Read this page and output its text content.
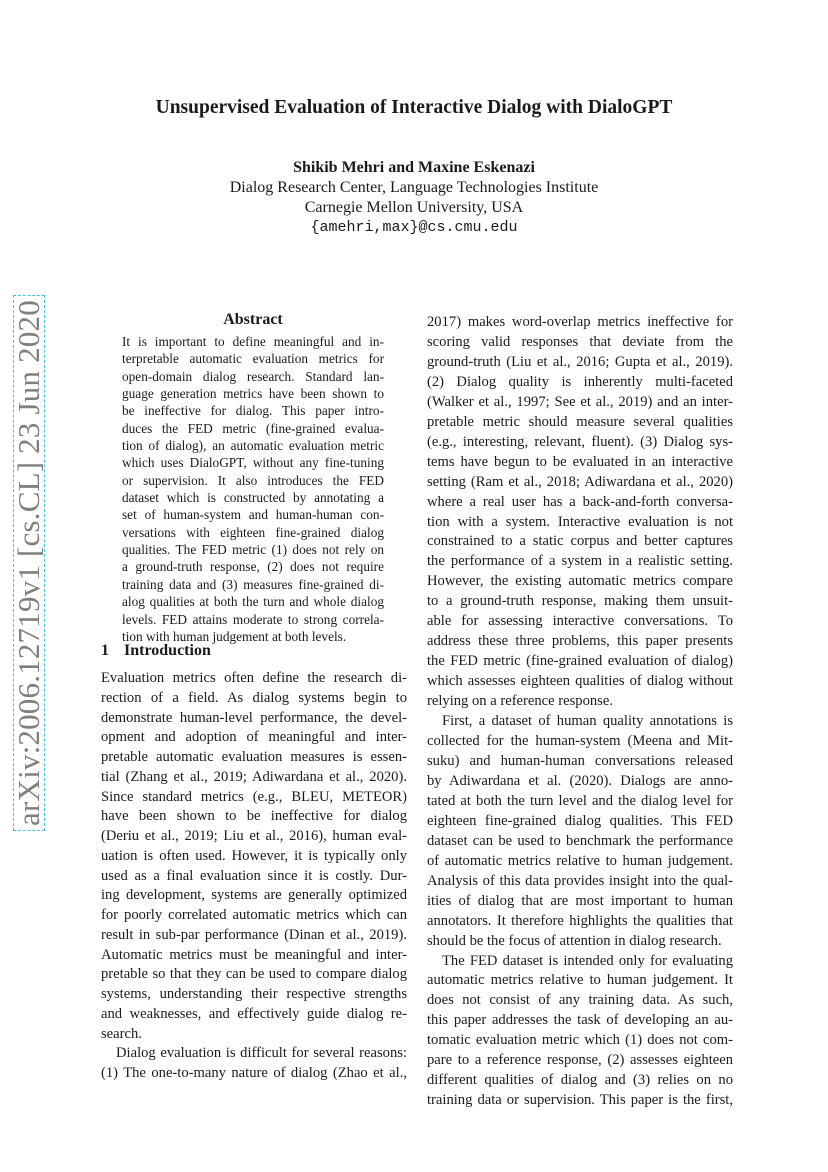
Unsupervised Evaluation of Interactive Dialog with DialoGPT
Shikib Mehri and Maxine Eskenazi
Dialog Research Center, Language Technologies Institute
Carnegie Mellon University, USA
{amehri,max}@cs.cmu.edu
arXiv:2006.12719v1 [cs.CL] 23 Jun 2020	Abstract
It is important to define meaningful and in-
terpretable automatic evaluation metrics for
open-domain dialog research. Standard lan-
guage generation metrics have been shown to
be ineffective for dialog. This paper intro-
duces the FED metric (fine-grained evalua-
tion of dialog), an automatic evaluation metric
which uses DialoGPT, without any fine-tuning
or supervision. It also introduces the FED
dataset which is constructed by annotating a
set of human-system and human-human con-
versations with eighteen fine-grained dialog
qualities. The FED metric (1) does not rely on
a ground-truth response, (2) does not require
training data and (3) measures fine-grained di-
alog qualities at both the turn and whole dialog
levels. FED attains moderate to strong correla-
tion with human judgement at both levels.
1 Introduction
Evaluation metrics often define the research di-
rection of a field. As dialog systems begin to
demonstrate human-level performance, the devel-
opment and adoption of meaningful and inter-
pretable automatic evaluation measures is essen-
tial (Zhang et al., 2019; Adiwardana et al., 2020).
Since standard metrics (e.g., BLEU, METEOR)
have been shown to be ineffective for dialog
(Deriu et al., 2019; Liu et al., 2016), human eval-
uation is often used. However, it is typically only
used as a final evaluation since it is costly. Dur-
ing development, systems are generally optimized
for poorly correlated automatic metrics which can
result in sub-par performance (Dinan et al., 2019).
Automatic metrics must be meaningful and inter-
pretable so that they can be used to compare dialog
systems, understanding their respective strengths
and weaknesses, and effectively guide dialog re-
search.
Dialog evaluation is difficult for several reasons:
(1) The one-to-many nature of dialog (Zhao et al.,
2017) makes word-overlap metrics ineffective for
scoring valid responses that deviate from the
ground-truth (Liu et al., 2016; Gupta et al., 2019).
(2) Dialog quality is inherently multi-faceted
(Walker et al., 1997; See et al., 2019) and an inter-
pretable metric should measure several qualities
(e.g., interesting, relevant, fluent). (3) Dialog sys-
tems have begun to be evaluated in an interactive
setting (Ram et al., 2018; Adiwardana et al., 2020)
where a real user has a back-and-forth conversa-
tion with a system. Interactive evaluation is not
constrained to a static corpus and better captures
the performance of a system in a realistic setting.
However, the existing automatic metrics compare
to a ground-truth response, making them unsuit-
able for assessing interactive conversations. To
address these three problems, this paper presents
the FED metric (fine-grained evaluation of dialog)
which assesses eighteen qualities of dialog without
relying on a reference response.
First, a dataset of human quality annotations is
collected for the human-system (Meena and Mit-
suku) and human-human conversations released
by Adiwardana et al. (2020). Dialogs are anno-
tated at both the turn level and the dialog level for
eighteen fine-grained dialog qualities. This FED
dataset can be used to benchmark the performance
of automatic metrics relative to human judgement.
Analysis of this data provides insight into the qual-
ities of dialog that are most important to human
annotators. It therefore highlights the qualities that
should be the focus of attention in dialog research.
The FED dataset is intended only for evaluating
automatic metrics relative to human judgement. It
does not consist of any training data. As such,
this paper addresses the task of developing an au-
tomatic evaluation metric which (1) does not com-
pare to a reference response, (2) assesses eighteen
different qualities of dialog and (3) relies on no
training data or supervision. This paper is the first,
